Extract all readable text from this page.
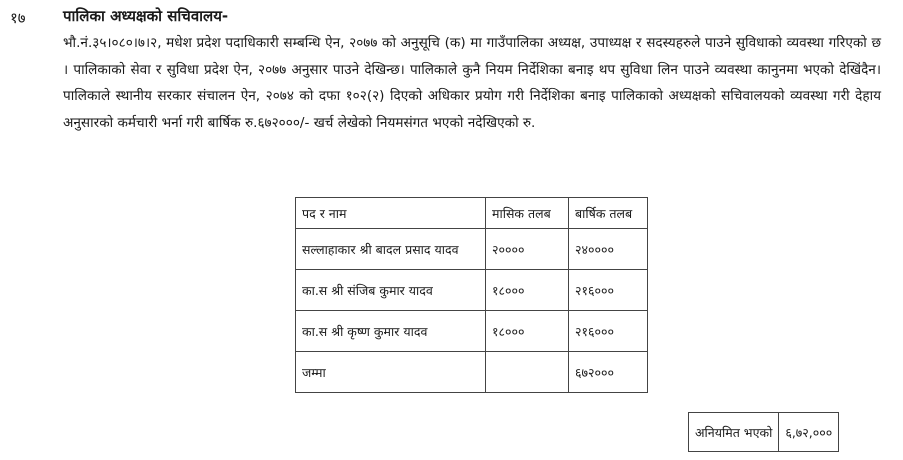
१७ पालिका अध्यक्षको सचिवालय-

भौ.नं.३५।०८०।७।२, मधेश प्रदेश पदाधिकारी सम्बन्धि ऐन, २०७७ को अनुसूचि (क) मा गाउँपालिका अध्यक्ष, उपाध्यक्ष र सदस्यहरुले पाउने सुविधाको व्यवस्था गरिएको छ । पालिकाको सेवा र सुविधा प्रदेश ऐन, २०७७ अनुसार पाउने देखिन्छ। पालिकाले कुनै नियम निर्देशिका बनाइ थप सुविधा लिन पाउने व्यवस्था कानुनमा भएको देखिंदैन। पालिकाले स्थानीय सरकार संचालन ऐन, २०७४ को दफा १०२(२) दिएको अधिकार प्रयोग गरी निर्देशिका बनाइ पालिकाको अध्यक्षको सचिवालयको व्यवस्था गरी देहाय अनुसारको कर्मचारी भर्ना गरी बार्षिक रु.६७२०००/- खर्च लेखेको नियमसंगत भएको नदेखिएको रु.

पद र नाम	मासिक तलब	बार्षिक तलब
सल्लाहाकार श्री बादल प्रसाद यादव	२००००	२४००००
का.स श्री संजिब कुमार यादव	१८०००	२१६०००
का.स श्री कृष्ण कुमार यादव	१८०००	२१६०००
जम्मा		६७२०००
अनियमित भएको	६,७२,०००
